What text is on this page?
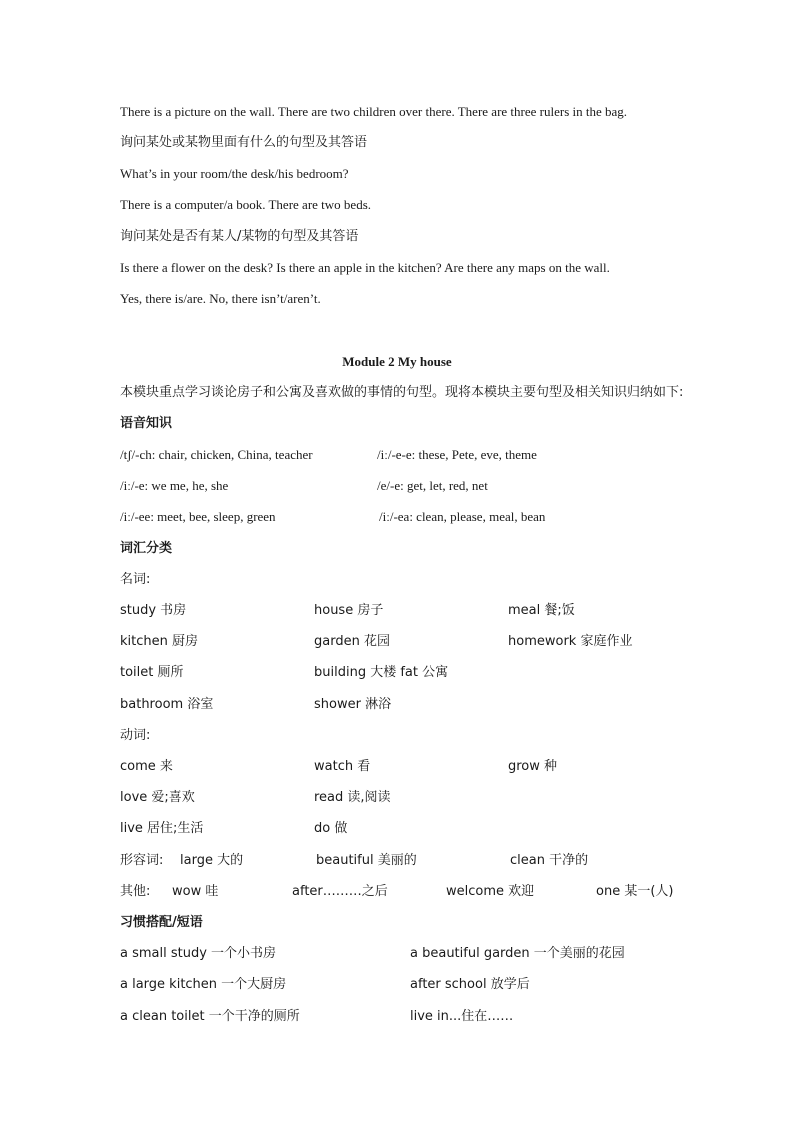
There is a picture on the wall. There are two children over there. There are three rulers in the bag.
询问某处或某物里面有什么的句型及其答语
What’s in your room/the desk/his bedroom?
There is a computer/a book. There are two beds.
询问某处是否有某人/某物的句型及其答语
Is there a flower on the desk? Is there an apple in the kitchen? Are there any maps on the wall.
Yes, there is/are. No, there isn’t/aren’t.
Module 2 My house
本模块重点学习谈论房子和公寓及喜欢做的事情的句型。现将本模块主要句型及相关知识归纳如下:
语音知识
/tʃ/-ch: chair, chicken, China, teacher	/iː/-e-e: these, Pete, eve, theme
/iː/-e: we me, he, she	/e/-e: get, let, red, net
/iː/-ee: meet, bee, sleep, green	/iː/-ea: clean, please, meal, bean
词汇分类
名词:
study 书房	house 房子	meal 餐;饭
kitchen 厨房	garden 花园	homework 家庭作业
toilet 厕所	building 大楼 fat 公寓
bathroom 浴室	shower 淋浴
动词:
come 来	watch 看	grow 种
love 爱;喜欢	read 读,阅读
live 居住;生活	do 做
形容词: large 大的	beautiful 美丽的	clean 干净的
其他: wow 哇	after………之后	welcome 欢迎	one 某一(人)
习惯搭配/短语
a small study 一个小书房	a beautiful garden 一个美丽的花园
a large kitchen 一个大厨房	after school 放学后
a clean toilet 一个干净的厕所	live in...住在……
